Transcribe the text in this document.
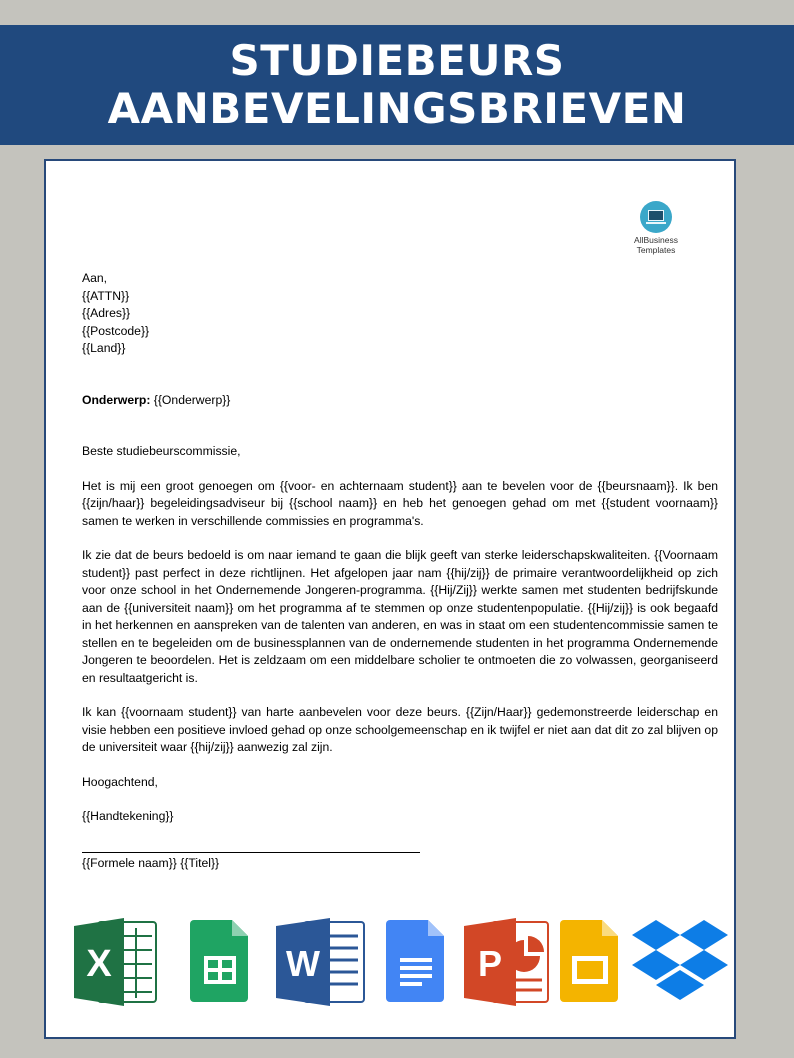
STUDIEBEURS
AANBEVELINGSBRIEVEN
AllBusiness
Templates

Aan,

{{ATTN}}

{{Adres}}

{{Postcode}}

{{Land}}

Onderwerp: {{Onderwerp}}

Beste studiebeurscommissie,

Het is mij een groot genoegen om {{voor- en achternaam student}} aan te bevelen voor de {{beursnaam}}. Ik ben {{zijn/haar}} begeleidingsadviseur bij {{school naam}} en heb het genoegen gehad om met {{student voornaam}} samen te werken in verschillende commissies en programma's.

Ik zie dat de beurs bedoeld is om naar iemand te gaan die blijk geeft van sterke leiderschapskwaliteiten. {{Voornaam student}} past perfect in deze richtlijnen. Het afgelopen jaar nam {{hij/zij}} de primaire verantwoordelijkheid op zich voor onze school in het Ondernemende Jongeren-programma. {{Hij/Zij}} werkte samen met studenten bedrijfskunde aan de {{universiteit naam}} om het programma af te stemmen op onze studentenpopulatie. {{Hij/zij}} is ook begaafd in het herkennen en aanspreken van de talenten van anderen, en was in staat om een studentencommissie samen te stellen en te begeleiden om de businessplannen van de ondernemende studenten in het programma Ondernemende Jongeren te beoordelen. Het is zeldzaam om een middelbare scholier te ontmoeten die zo volwassen, georganiseerd en resultaatgericht is.

Ik kan {{voornaam student}} van harte aanbevelen voor deze beurs. {{Zijn/Haar}} gedemonstreerde leiderschap en visie hebben een positieve invloed gehad op onze schoolgemeenschap en ik twijfel er niet aan dat dit zo zal blijven op de universiteit waar {{hij/zij}} aanwezig zal zijn.

Hoogachtend,

{{Handtekening}}

{{Formele naam}} {{Titel}}

X	W	P
